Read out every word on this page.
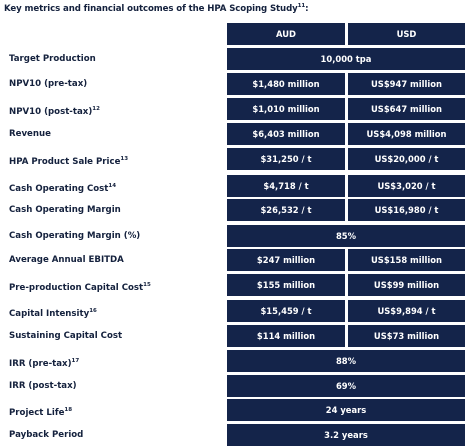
Key metrics and financial outcomes of the HPA Scoping Study$^{11}$:
AUD	USD
Target Production	10,000 tpa
NPV10 (pre-tax)	$1,480 million	US$947 million
NPV10 (post-tax)$^{12}$	$1,010 million	US$647 million
Revenue	$6,403 million	US$4,098 million
HPA Product Sale Price$^{13}$	$31,250 / t	US$20,000 / t
Cash Operating Cost$^{14}$	$4,718 / t	US$3,020 / t
Cash Operating Margin	$26,532 / t	US$16,980 / t
Cash Operating Margin (%)	85%
Average Annual EBITDA	$247 million	US$158 million
Pre-production Capital Cost$^{15}$	$155 million	US$99 million
Capital Intensity$^{16}$	$15,459 / t	US$9,894 / t
Sustaining Capital Cost	$114 million	US$73 million
IRR $(pre-tax)^{17}$	88%
IRR (post-tax)	69%
Project Life$^{18}$	24 years
Payback Period	3.2 years
